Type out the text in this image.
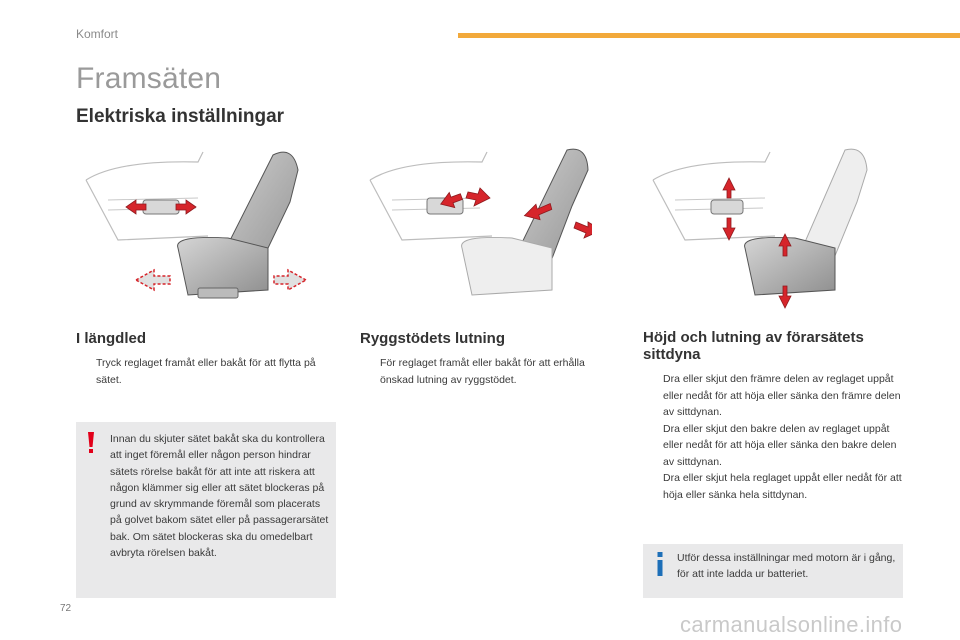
Komfort
Framsäten
Elektriska inställningar
I längdled
Tryck reglaget framåt eller bakåt för att flytta på sätet.
Ryggstödets lutning
För reglaget framåt eller bakåt för att erhålla önskad lutning av ryggstödet.
Höjd och lutning av förarsätets sittdyna
Dra eller skjut den främre delen av reglaget uppåt eller nedåt för att höja eller sänka den främre delen av sittdynan.
Dra eller skjut den bakre delen av reglaget uppåt eller nedåt för att höja eller sänka den bakre delen av sittdynan.
Dra eller skjut hela reglaget uppåt eller nedåt för att höja eller sänka hela sittdynan.
Innan du skjuter sätet bakåt ska du kontrollera att inget föremål eller någon person hindrar sätets rörelse bakåt för att inte att riskera att någon klämmer sig eller att sätet blockeras på grund av skrymmande föremål som placerats på golvet bakom sätet eller på passagerarsätet bak. Om sätet blockeras ska du omedelbart avbryta rörelsen bakåt.	Utför dessa inställningar med motorn är i gång, för att inte ladda ur batteriet.
72
carmanualsonline.info
